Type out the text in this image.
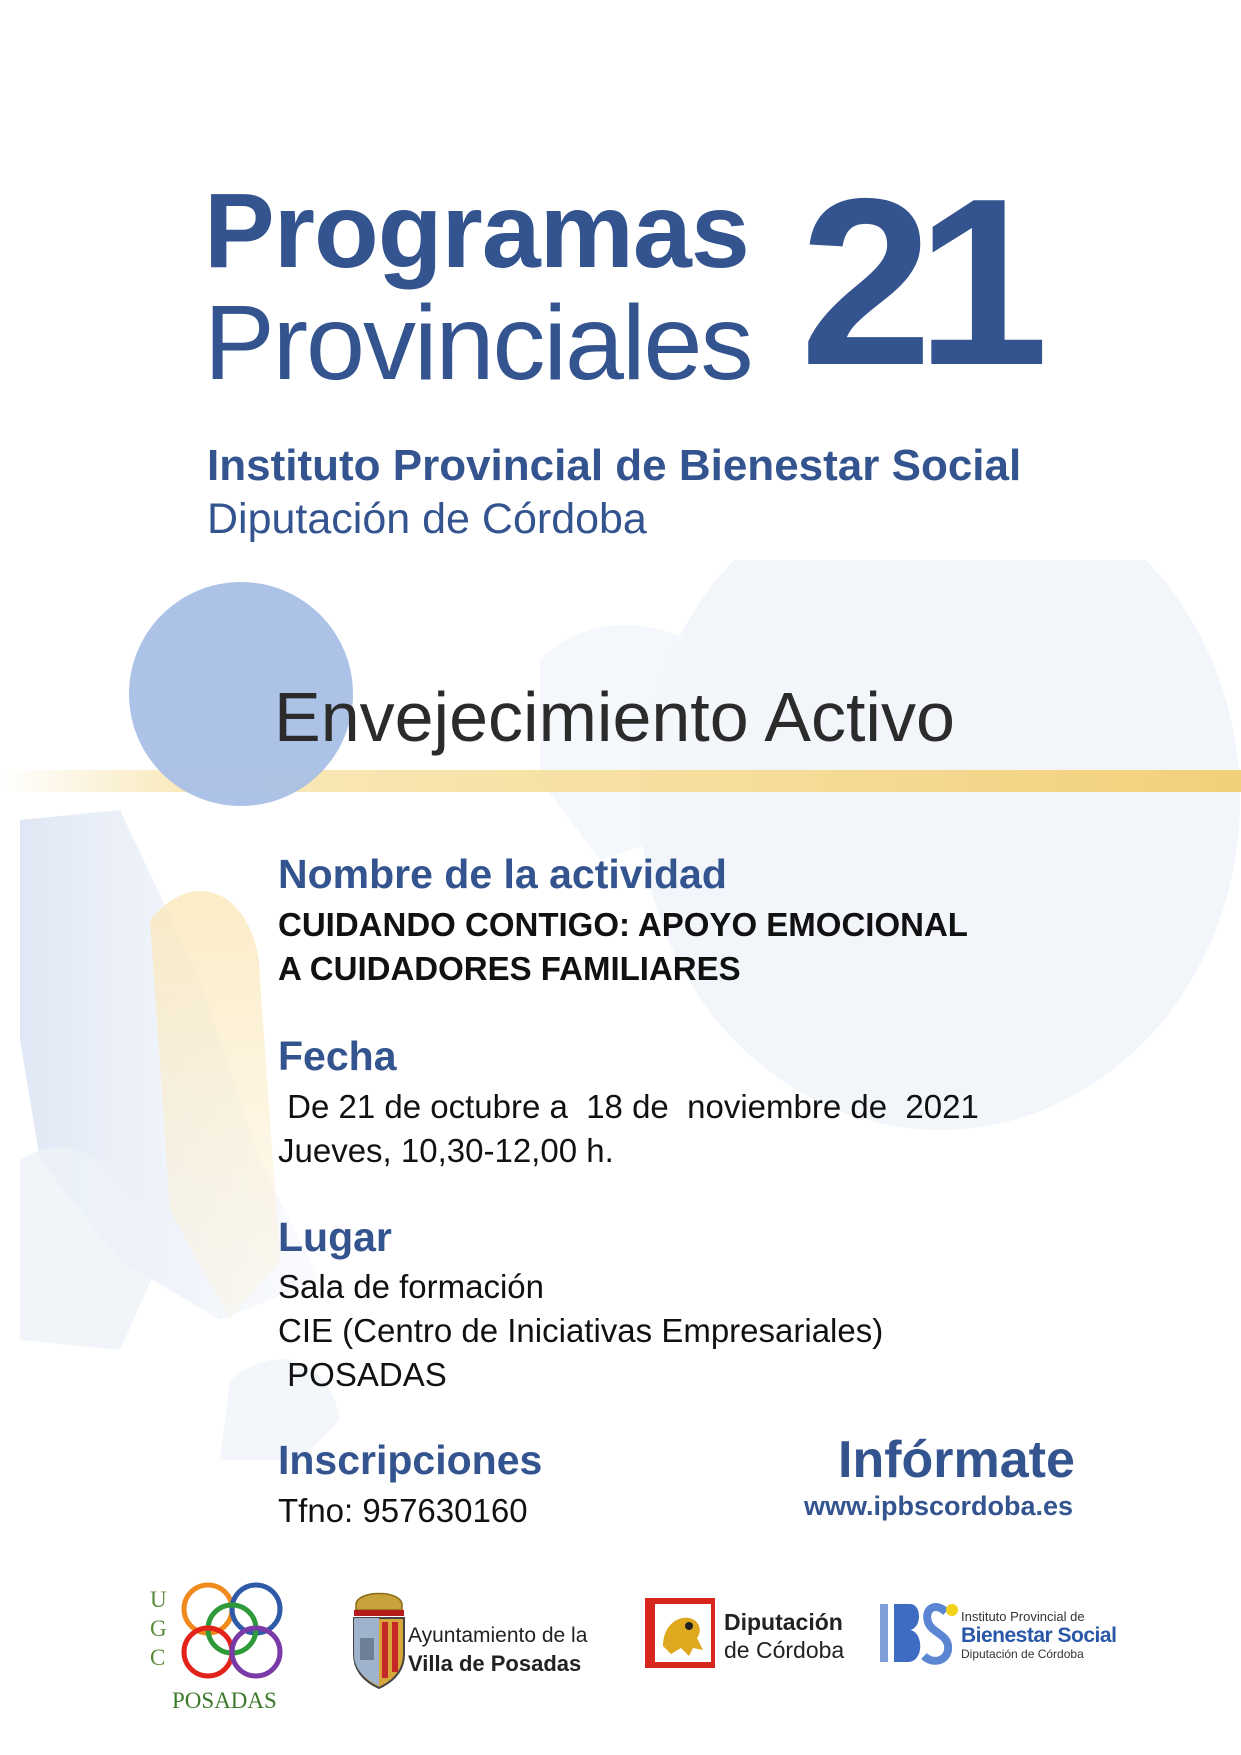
Programas
Provinciales 21
Instituto Provincial de Bienestar Social
Diputación de Córdoba
Envejecimiento Activo
Nombre de la actividad
CUIDANDO CONTIGO: APOYO EMOCIONAL
A CUIDADORES FAMILIARES
Fecha
De 21 de octubre a  18 de  noviembre de  2021
Jueves, 10,30-12,00 h.
Lugar
Sala de formación
CIE (Centro de Iniciativas Empresariales)
POSADAS
Inscripciones
Tfno: 957630160
Infórmate
www.ipbscordoba.es
U
G
C
POSADAS
Ayuntamiento de la
Villa de Posadas
Diputación
de Córdoba
Instituto Provincial de
Bienestar Social
Diputación de Córdoba
